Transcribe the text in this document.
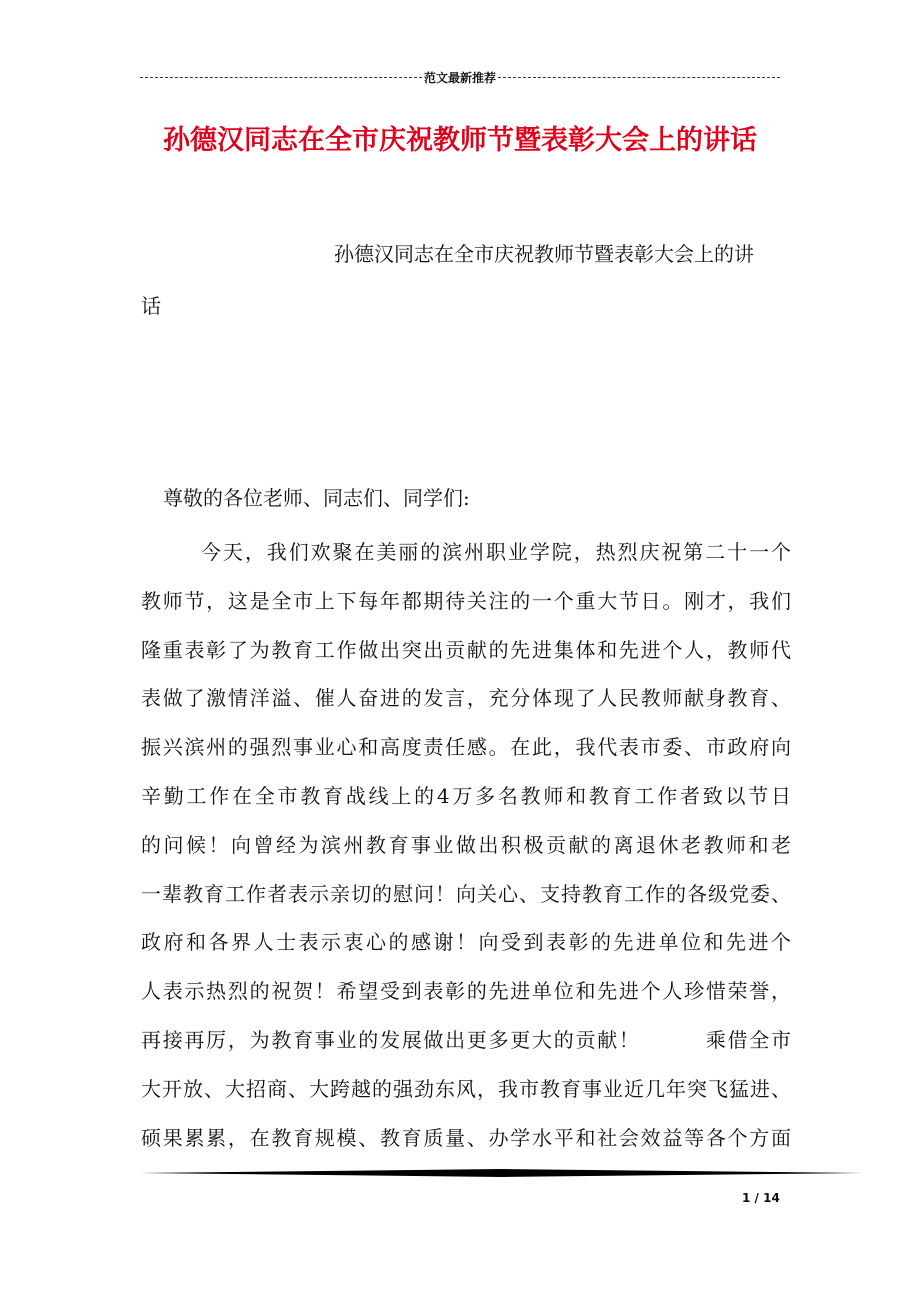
范文最新推荐
孙德汉同志在全市庆祝教师节暨表彰大会上的讲话
孙德汉同志在全市庆祝教师节暨表彰大会上的讲
话
尊敬的各位老师、同志们、同学们:
今天，我们欢聚在美丽的滨州职业学院，热烈庆祝第二十一个
教师节，这是全市上下每年都期待关注的一个重大节日。刚才，我们
隆重表彰了为教育工作做出突出贡献的先进集体和先进个人，教师代
表做了激情洋溢、催人奋进的发言，充分体现了人民教师献身教育、
振兴滨州的强烈事业心和高度责任感。在此，我代表市委、市政府向
辛勤工作在全市教育战线上的4万多名教师和教育工作者致以节日
的问候！向曾经为滨州教育事业做出积极贡献的离退休老教师和老
一辈教育工作者表示亲切的慰问！向关心、支持教育工作的各级党委、
政府和各界人士表示衷心的感谢！向受到表彰的先进单位和先进个
人表示热烈的祝贺！希望受到表彰的先进单位和先进个人珍惜荣誉，
再接再厉，为教育事业的发展做出更多更大的贡献！　　　乘借全市
大开放、大招商、大跨越的强劲东风，我市教育事业近几年突飞猛进、
硕果累累，在教育规模、教育质量、办学水平和社会效益等各个方面
1 / 14
